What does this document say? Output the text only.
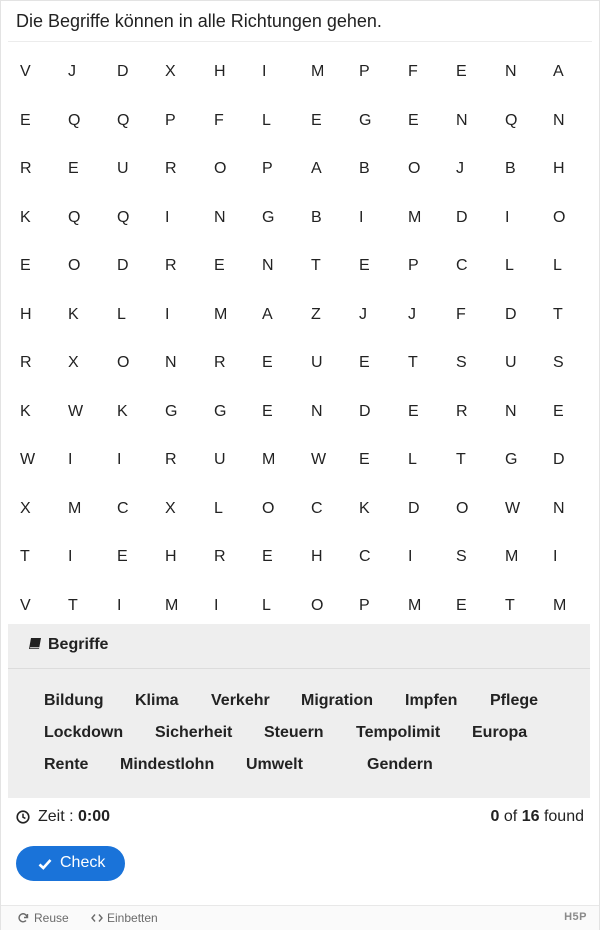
Die Begriffe können in alle Richtungen gehen.
V	J	D	X	H	I	M	P	F	E	N	A
E	Q	Q	P	F	L	E	G	E	N	Q	N
R	E	U	R	O	P	A	B	O	J	B	H
K	Q	Q	I	N	G	B	I	M	D	I	O
E	O	D	R	E	N	T	E	P	C	L	L
H	K	L	I	M	A	Z	J	J	F	D	T
R	X	O	N	R	E	U	E	T	S	U	S
K	W	K	G	G	E	N	D	E	R	N	E
W	I	I	R	U	M	W	E	L	T	G	D
X	M	C	X	L	O	C	K	D	O	W	N
T	I	E	H	R	E	H	C	I	S	M	I
V	T	I	M	I	L	O	P	M	E	T	M
Begriffe
Bildung Klima Verkehr Migration Impfen Pflege
Lockdown Sicherheit Steuern Tempolimit Europa
Rente Mindestlohn Umwelt	Gendern
Zeit : 0:00	0 of 16 found
Check
Reuse	Einbetten	H5P
